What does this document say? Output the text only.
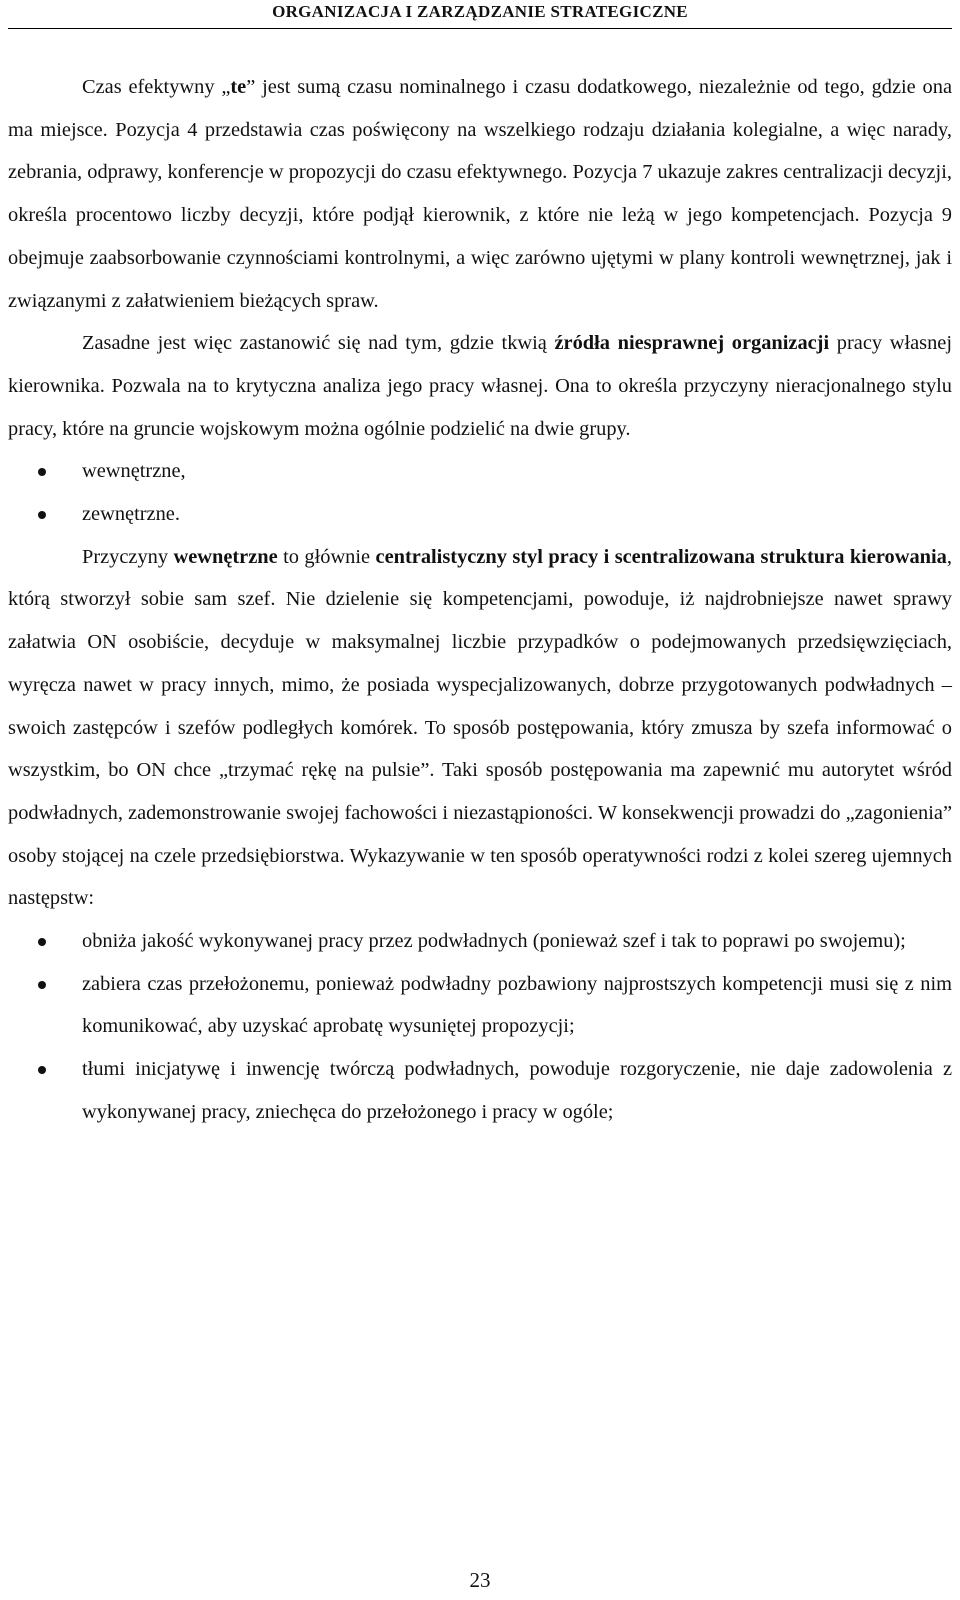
ORGANIZACJA I ZARZĄDZANIE STRATEGICZNE

Czas efektywny „te” jest sumą czasu nominalnego i czasu dodatkowego, niezależnie od tego, gdzie ona ma miejsce. Pozycja 4 przedstawia czas poświęcony na wszelkiego rodzaju działania kolegialne, a więc narady, zebrania, odprawy, konferencje w propozycji do czasu efektywnego. Pozycja 7 ukazuje zakres centralizacji decyzji, określa procentowo liczby decyzji, które podjął kierownik, z które nie leżą w jego kompetencjach. Pozycja 9 obejmuje zaabsorbowanie czynnościami kontrolnymi, a więc zarówno ujętymi w plany kontroli wewnętrznej, jak i związanymi z załatwieniem bieżących spraw.

Zasadne jest więc zastanowić się nad tym, gdzie tkwią źródła niesprawnej organizacji pracy własnej kierownika. Pozwala na to krytyczna analiza jego pracy własnej. Ona to określa przyczyny nieracjonalnego stylu pracy, które na gruncie wojskowym można ogólnie podzielić na dwie grupy.

wewnętrzne,
zewnętrzne.

Przyczyny wewnętrzne to głównie centralistyczny styl pracy i scentralizowana struktura kierowania, którą stworzył sobie sam szef. Nie dzielenie się kompetencjami, powoduje, iż najdrobniejsze nawet sprawy załatwia ON osobiście, decyduje w maksymalnej liczbie przypadków o podejmowanych przedsięwzięciach, wyręcza nawet w pracy innych, mimo, że posiada wyspecjalizowanych, dobrze przygotowanych podwładnych – swoich zastępców i szefów podległych komórek. To sposób postępowania, który zmusza by szefa informować o wszystkim, bo ON chce „trzymać rękę na pulsie”. Taki sposób postępowania ma zapewnić mu autorytet wśród podwładnych, zademonstrowanie swojej fachowości i niezastąpioności. W konsekwencji prowadzi do „zagonienia” osoby stojącej na czele przedsiębiorstwa. Wykazywanie w ten sposób operatywności rodzi z kolei szereg ujemnych następstw:

obniża jakość wykonywanej pracy przez podwładnych (ponieważ szef i tak to poprawi po swojemu);
zabiera czas przełożonemu, ponieważ podwładny pozbawiony najprostszych kompetencji musi się z nim komunikować, aby uzyskać aprobatę wysuniętej propozycji;
tłumi inicjatywę i inwencję twórczą podwładnych, powoduje rozgoryczenie, nie daje zadowolenia z wykonywanej pracy, zniechęca do przełożonego i pracy w ogóle;
23
